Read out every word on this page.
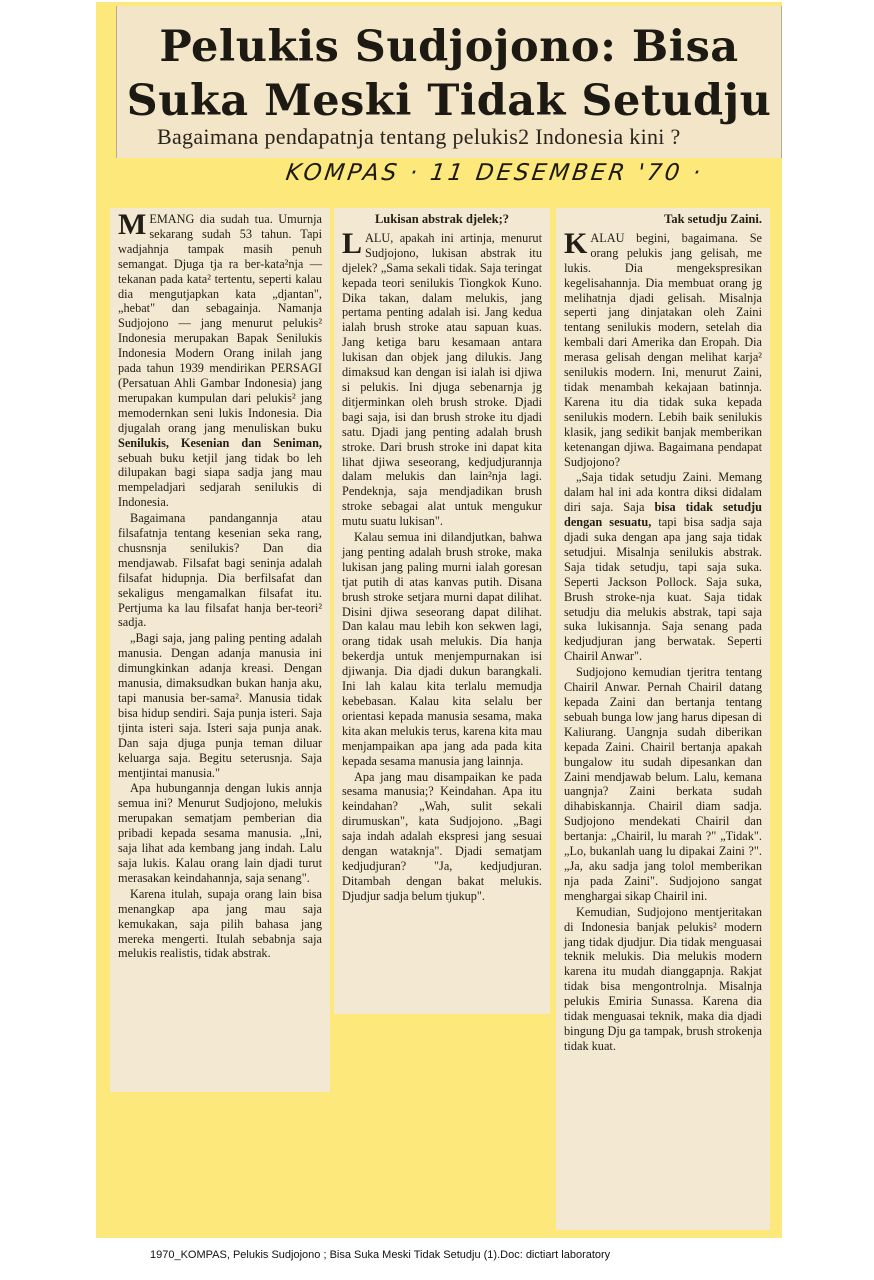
Pelukis Sudjojono: Bisa
Suka Meski Tidak Setudju
Bagaimana pendapatnja tentang pelukis2 Indonesia kini ?
KOMPAS · 11 DESEMBER '70 ·

MEMANG dia sudah tua. Umurnja sekarang sudah 53 tahun. Tapi wadjahnja tampak masih penuh semangat. Djuga tja ra ber-kata²nja — tekanan pada kata² tertentu, seperti kalau dia mengutjapkan kata „djantan", „hebat" dan sebagainja. Namanja Sudjojono — jang menurut pelukis² Indonesia merupakan Bapak Senilukis Indonesia Modern Orang inilah jang pada tahun 1939 mendirikan PERSAGI (Persatuan Ahli Gambar Indonesia) jang merupakan kumpulan dari pelukis² jang memodernkan seni lukis Indonesia. Dia djugalah orang jang menuliskan buku Senilukis, Kesenian dan Seniman, sebuah buku ketjil jang tidak bo leh dilupakan bagi siapa sadja jang mau mempeladjari sedjarah senilukis di Indonesia.

Bagaimana pandangannja atau filsafatnja tentang kesenian seka rang, chusnsnja senilukis? Dan dia mendjawab. Filsafat bagi seninja adalah filsafat hidupnja. Dia berfilsafat dan sekaligus mengamalkan filsafat itu. Pertjuma ka lau filsafat hanja ber-teori² sadja.

„Bagi saja, jang paling penting adalah manusia. Dengan adanja manusia ini dimungkinkan adanja kreasi. Dengan manusia, dimaksudkan bukan hanja aku, tapi manusia ber-sama². Manusia tidak bisa hidup sendiri. Saja punja isteri. Saja tjinta isteri saja. Isteri saja punja anak. Dan saja djuga punja teman diluar keluarga saja. Begitu seterusnja. Saja mentjintai manusia."

Apa hubungannja dengan lukis annja semua ini? Menurut Sudjojono, melukis merupakan sematjam pemberian dia pribadi kepada sesama manusia. „Ini, saja lihat ada kembang jang indah. Lalu saja lukis. Kalau orang lain djadi turut merasakan keindahannja, saja senang".

Karena itulah, supaja orang lain bisa menangkap apa jang mau saja kemukakan, saja pilih bahasa jang mereka mengerti. Itulah sebabnja saja melukis realistis, tidak abstrak.

Lukisan abstrak djelek;?

LALU, apakah ini artinja, menurut Sudjojono, lukisan abstrak itu djelek? „Sama sekali tidak. Saja teringat kepada teori senilukis Tiongkok Kuno. Dika takan, dalam melukis, jang pertama penting adalah isi. Jang kedua ialah brush stroke atau sapuan kuas. Jang ketiga baru kesamaan antara lukisan dan objek jang dilukis. Jang dimaksud kan dengan isi ialah isi djiwa si pelukis. Ini djuga sebenarnja jg ditjerminkan oleh brush stroke. Djadi bagi saja, isi dan brush stroke itu djadi satu. Djadi jang penting adalah brush stroke. Dari brush stroke ini dapat kita lihat djiwa seseorang, kedjudjurannja dalam melukis dan lain²nja lagi. Pendeknja, saja mendjadikan brush stroke sebagai alat untuk mengukur mutu suatu lukisan".

Kalau semua ini dilandjutkan, bahwa jang penting adalah brush stroke, maka lukisan jang paling murni ialah goresan tjat putih di atas kanvas putih. Disana brush stroke setjara murni dapat dilihat. Disini djiwa seseorang dapat dilihat. Dan kalau mau lebih kon sekwen lagi, orang tidak usah melukis. Dia hanja bekerdja untuk menjempurnakan isi djiwanja. Dia djadi dukun barangkali. Ini lah kalau kita terlalu memudja kebebasan. Kalau kita selalu ber orientasi kepada manusia sesama, maka kita akan melukis terus, karena kita mau menjampaikan apa jang ada pada kita kepada sesama manusia jang lainnja.

Apa jang mau disampaikan ke pada sesama manusia;? Keindahan. Apa itu keindahan? „Wah, sulit sekali dirumuskan", kata Sudjojono. „Bagi saja indah adalah ekspresi jang sesuai dengan wataknja". Djadi sematjam kedjudjuran? "Ja, kedjudjuran. Ditambah dengan bakat melukis. Djudjur sadja belum tjukup".

Tak setudju Zaini.

KALAU begini, bagaimana. Se orang pelukis jang gelisah, me lukis. Dia mengekspresikan kegelisahannja. Dia membuat orang jg melihatnja djadi gelisah. Misalnja seperti jang dinjatakan oleh Zaini tentang senilukis modern, setelah dia kembali dari Amerika dan Eropah. Dia merasa gelisah dengan melihat karja² senilukis modern. Ini, menurut Zaini, tidak menambah kekajaan batinnja. Karena itu dia tidak suka kepada senilukis modern. Lebih baik senilukis klasik, jang sedikit banjak memberikan ketenangan djiwa. Bagaimana pendapat Sudjojono?

„Saja tidak setudju Zaini. Memang dalam hal ini ada kontra diksi didalam diri saja. Saja bisa tidak setudju dengan sesuatu, tapi bisa sadja saja djadi suka dengan apa jang saja tidak setudjui. Misalnja senilukis abstrak. Saja tidak setudju, tapi saja suka. Seperti Jackson Pollock. Saja suka, Brush stroke-nja kuat. Saja tidak setudju dia melukis abstrak, tapi saja suka lukisannja. Saja senang pada kedjudjuran jang berwatak. Seperti Chairil Anwar".

Sudjojono kemudian tjeritra tentang Chairil Anwar. Pernah Chairil datang kepada Zaini dan bertanja tentang sebuah bunga low jang harus dipesan di Kaliurang. Uangnja sudah diberikan kepada Zaini. Chairil bertanja apakah bungalow itu sudah dipesankan dan Zaini mendjawab belum. Lalu, kemana uangnja? Zaini berkata sudah dihabiskannja. Chairil diam sadja. Sudjojono mendekati Chairil dan bertanja: „Chairil, lu marah ?" „Tidak". „Lo, bukanlah uang lu dipakai Zaini ?". „Ja, aku sadja jang tolol memberikan nja pada Zaini". Sudjojono sangat menghargai sikap Chairil ini.

Kemudian, Sudjojono mentjeritakan di Indonesia banjak pelukis² modern jang tidak djudjur. Dia tidak menguasai teknik melukis. Dia melukis modern karena itu mudah dianggapnja. Rakjat tidak bisa mengontrolnja. Misalnja pelukis Emiria Sunassa. Karena dia tidak menguasai teknik, maka dia djadi bingung Dju ga tampak, brush strokenja tidak kuat.

1970_KOMPAS, Pelukis Sudjojono ; Bisa Suka Meski Tidak Setudju (1).Doc: dictiart laboratory
